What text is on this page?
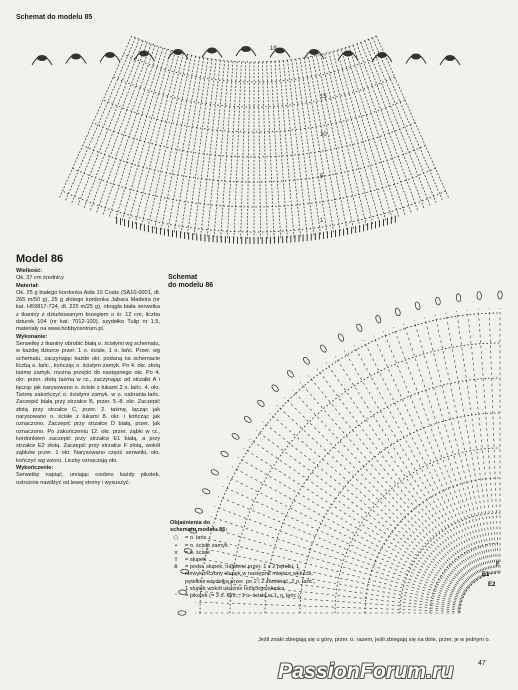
Schemat do modelu 85
19
15
10
5
1
Model 86
Wielkość:

Ok. 37 cm średnicy

Materiał:

Ok. 25 g białego kordonka Aida 10 Coats (SA10-0001, dł. 265 m/50 g), 25 g złotego kordonka Jabara Madeira (nr kat. H59817-724, dł. 225 m/25 g), okrągła biała serwetka z tkaniny z dziurkowanym brzegiem o śr. 12 cm, liczba dziurek 104 (nr kat. 7012-100), szydełko Tulip nr 1,5, materiały na www.hobbycentrum.pl.

Wykonanie:

Serwetkę z tkaniny obrobić białą o. ścisłymi wg schematu, w każdej dziurce przer. 1 o. ścisłe, 1 o. łańc. Przer. wg schematu, zaczynając każde okr. podaną na schemacie liczbą o. łańc., kończąc o. ścisłym zamyk. Po 4. okr. złotą taśmę zamyk. można przejść do następnego okr. Po 4. okr. przer. złotą taśmą w rz., zaczynając od strzałki A i łącząc jak narysowano o. ścisłe z łukami 2 o. łańc. 4. okr. Taśmę zakończyć o. ścisłymi zamyk. w o. nabrania łańc. Zaczepić białą przy strzałce B, przer. 5.-8. okr. Zaczepić złotą przy strzałce C, przer. 2. taśmę, łącząc jak narysowano o. ścisłe z łukami 8. okr. i kończąc jak oznaczono. Zaczepić przy strzałce D białą, przer. jak oznaczono. Po zakończeniu 12. okr. przer. ząbki w rz., kordonkiem zaczepić przy strzałce E1 białą, a przy strzałce E2 złotą. Zaczepić przy strzałce F złotą, wokół ząbków przer. 1 okr. Narysowano część serwetki, okr. kończyć wg wzoru. Liczby oznaczają okr.

Wykończenie:

Serwetkę napiąć, umiając osobno każdy pikotek, ostrożnie nawilżyć od lewej strony i wysuszyć.

E1
E2
F
Schemat
do modelu 86
Objaśnienia do
schematu modelu 86:
○	= o. łańc.
•	= o. ścisłe zamyk.
×	= o. ścisłe
†	= słupek
⋔	= podw. słupek, najpierw przer. 1 x 2 pętelki, 1 niewykończony słupek w następne miejsce wkłucia, pętelki z szydełka przer. po 2 i 2 zamknąć, 2 o. łańc., 1 słupek wokół ukośnie leżącego słupka
ᐤ	= pikotek (= 3 o. łańc., 1 o. ścisłe w 1. o. łańc.)
Jeśli znaki zbiegają się u góry, przer. o. razem, jeśli zbiegają się na dole, przer. je w jednym o.
PassionForum.ru	47
